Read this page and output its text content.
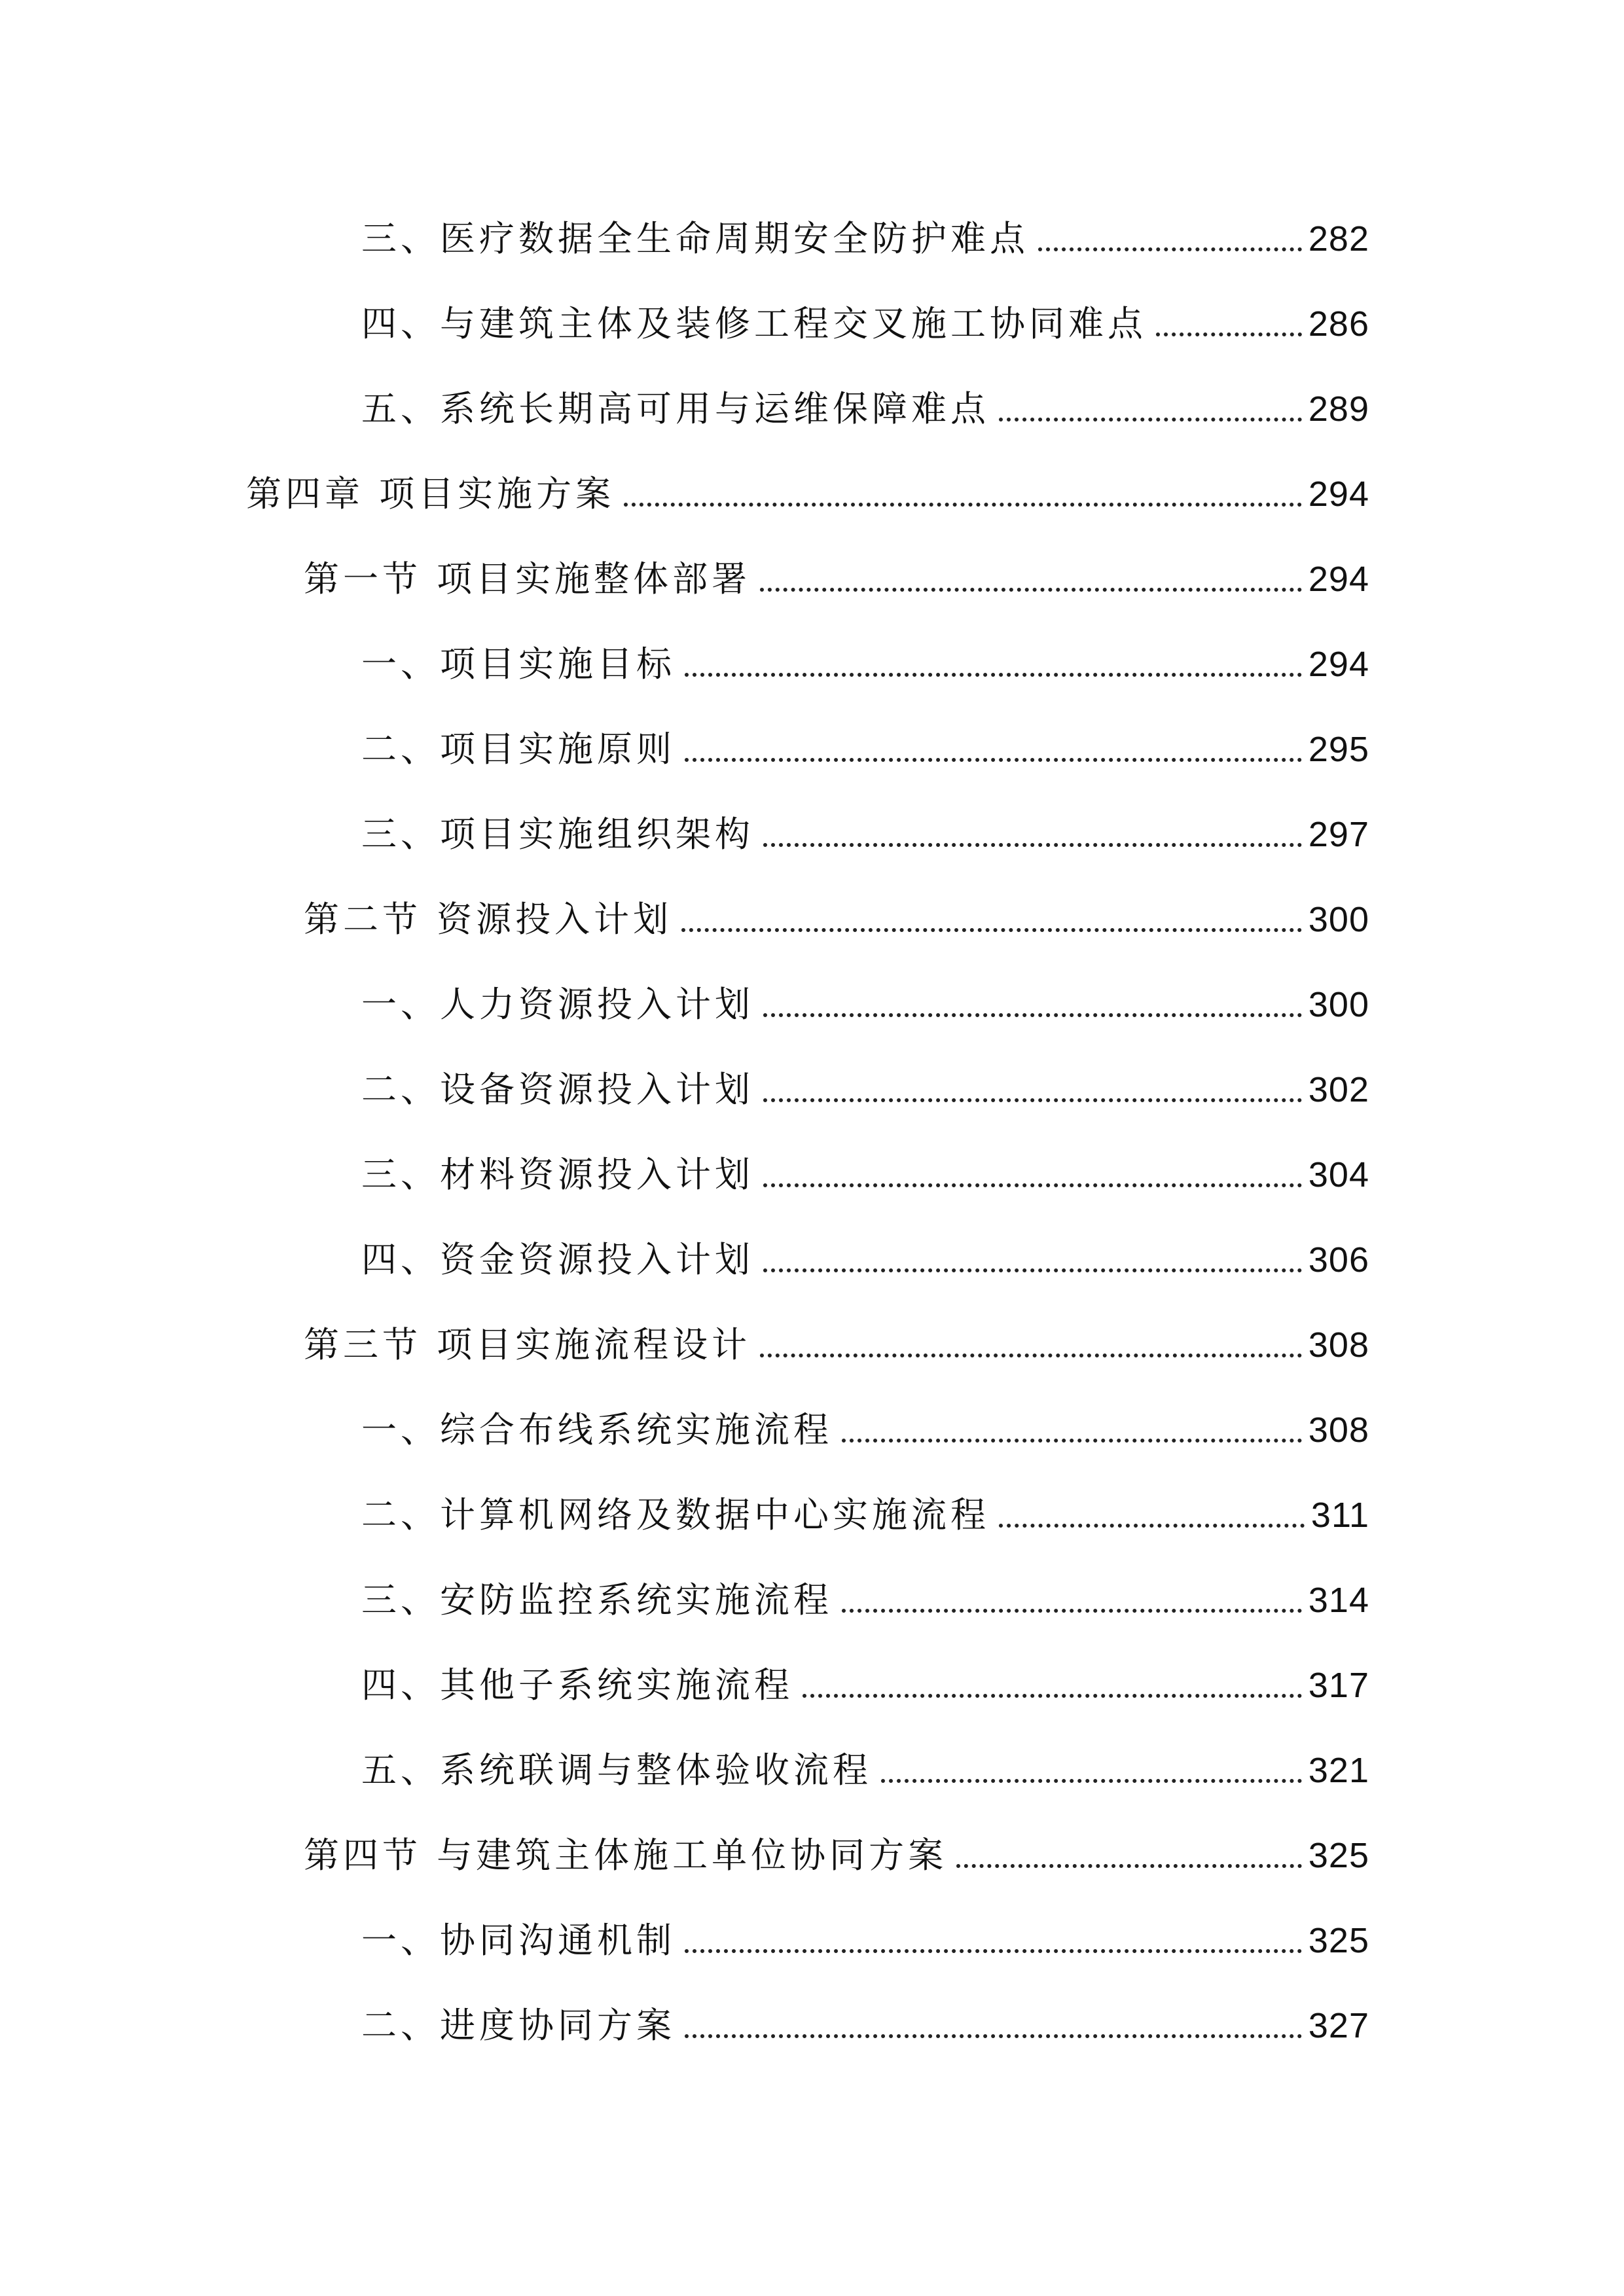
三、医疗数据全生命周期安全防护难点	282
四、与建筑主体及装修工程交叉施工协同难点	286
五、系统长期高可用与运维保障难点	289
第四章 项目实施方案	294
第一节 项目实施整体部署	294
一、项目实施目标	294
二、项目实施原则	295
三、项目实施组织架构	297
第二节 资源投入计划	300
一、人力资源投入计划	300
二、设备资源投入计划	302
三、材料资源投入计划	304
四、资金资源投入计划	306
第三节 项目实施流程设计	308
一、综合布线系统实施流程	308
二、计算机网络及数据中心实施流程	311
三、安防监控系统实施流程	314
四、其他子系统实施流程	317
五、系统联调与整体验收流程	321
第四节 与建筑主体施工单位协同方案	325
一、协同沟通机制	325
二、进度协同方案	327
